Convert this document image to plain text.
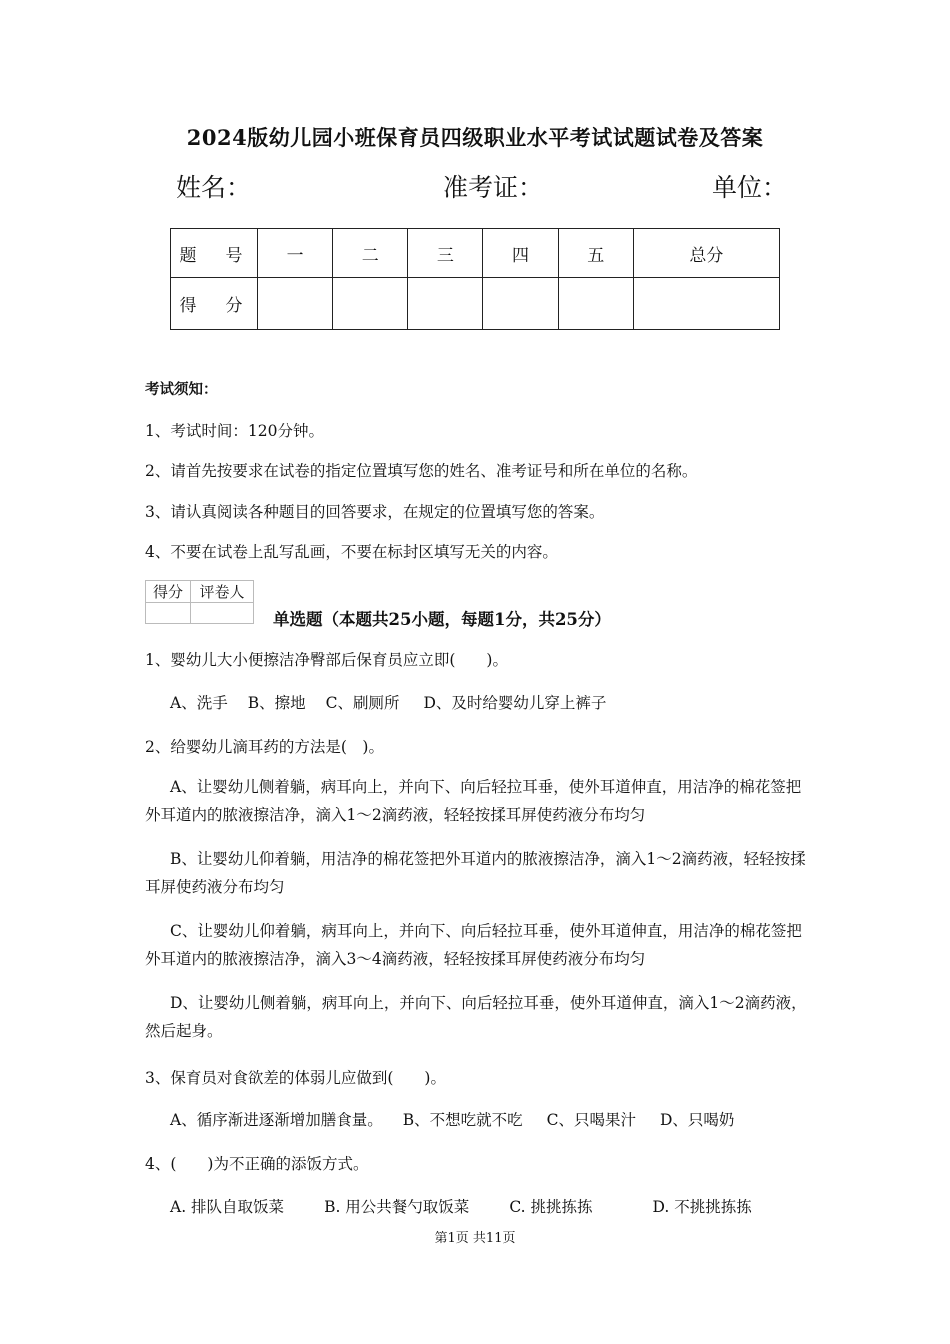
2024版幼儿园小班保育员四级职业水平考试试题试卷及答案
姓名：	准考证：	单位：
题　号	一	二	三	四	五	总分
得　分						
考试须知：
1、考试时间：120分钟。
2、请首先按要求在试卷的指定位置填写您的姓名、准考证号和所在单位的名称。
3、请认真阅读各种题目的回答要求，在规定的位置填写您的答案。
4、不要在试卷上乱写乱画，不要在标封区填写无关的内容。
得分	评卷人

单选题（本题共25小题，每题1分，共25分）
1、婴幼儿大小便擦洁净臀部后保育员应立即(　　)。
A、洗手 B、擦地 C、刷厕所 D、及时给婴幼儿穿上裤子
2、给婴幼儿滴耳药的方法是(　)。
A、让婴幼儿侧着躺，病耳向上，并向下、向后轻拉耳垂，使外耳道伸直，用洁净的棉花签把外耳道内的脓液擦洁净，滴入1～2滴药液，轻轻按揉耳屏使药液分布均匀
B、让婴幼儿仰着躺，用洁净的棉花签把外耳道内的脓液擦洁净，滴入1～2滴药液，轻轻按揉耳屏使药液分布均匀
C、让婴幼儿仰着躺，病耳向上，并向下、向后轻拉耳垂，使外耳道伸直，用洁净的棉花签把外耳道内的脓液擦洁净，滴入3～4滴药液，轻轻按揉耳屏使药液分布均匀
D、让婴幼儿侧着躺，病耳向上，并向下、向后轻拉耳垂，使外耳道伸直，滴入1～2滴药液，然后起身。
3、保育员对食欲差的体弱儿应做到(　　)。
A、循序渐进逐渐增加膳食量。 B、不想吃就不吃 C、只喝果汁 D、只喝奶
4、(　　)为不正确的添饭方式。
A. 排队自取饭菜	B. 用公共餐勺取饭菜	C. 挑挑拣拣	D. 不挑挑拣拣
第1页 共11页
